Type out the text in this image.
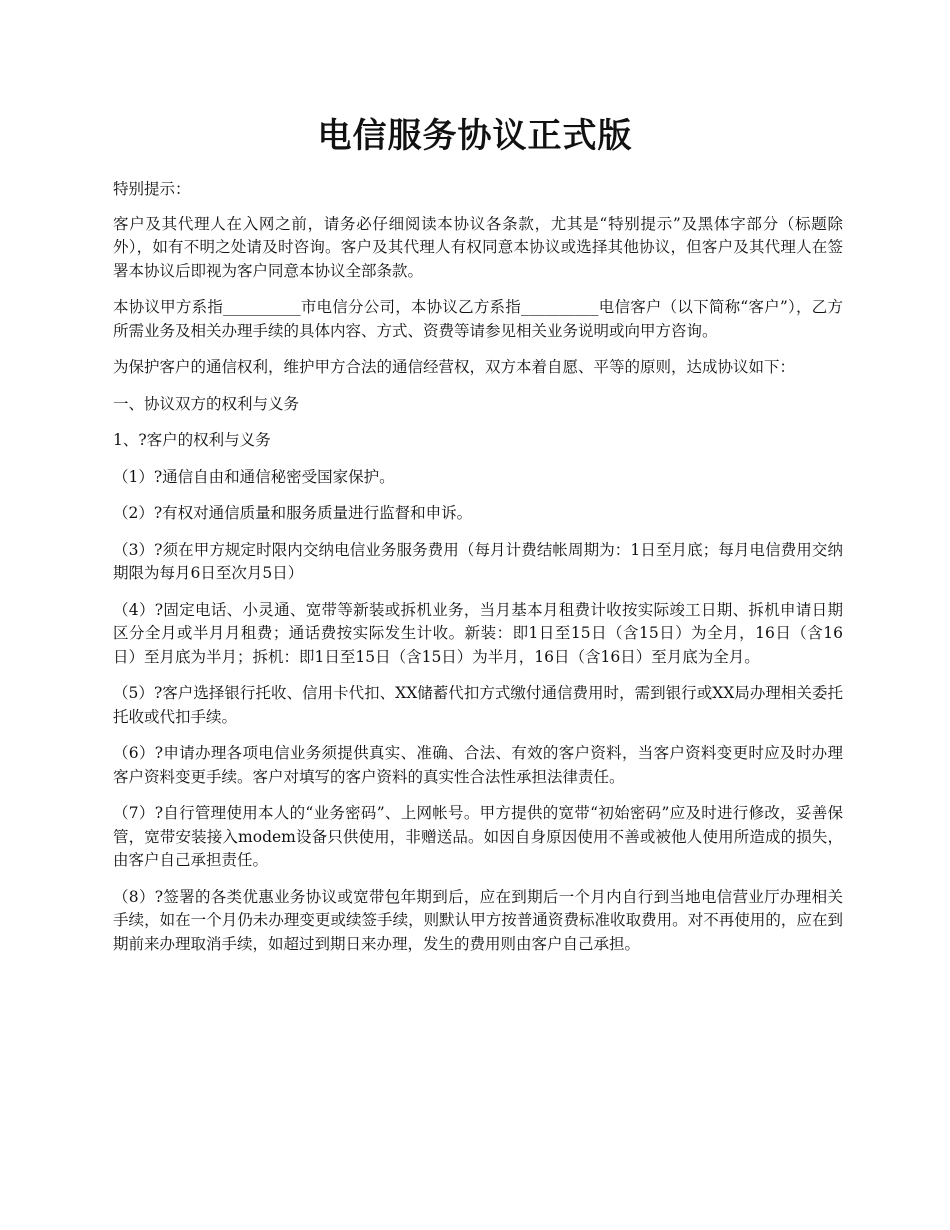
电信服务协议正式版

特别提示：

客户及其代理人在入网之前，请务必仔细阅读本协议各条款，尤其是“特别提示”及黑体字部分（标题除外），如有不明之处请及时咨询。客户及其代理人有权同意本协议或选择其他协议，但客户及其代理人在签署本协议后即视为客户同意本协议全部条款。

本协议甲方系指__________市电信分公司，本协议乙方系指__________电信客户（以下简称“客户”），乙方所需业务及相关办理手续的具体内容、方式、资费等请参见相关业务说明或向甲方咨询。

为保护客户的通信权利，维护甲方合法的通信经营权，双方本着自愿、平等的原则，达成协议如下：

一、协议双方的权利与义务

1、?客户的权利与义务

（1）?通信自由和通信秘密受国家保护。

（2）?有权对通信质量和服务质量进行监督和申诉。

（3）?须在甲方规定时限内交纳电信业务服务费用（每月计费结帐周期为：1日至月底；每月电信费用交纳期限为每月6日至次月5日）

（4）?固定电话、小灵通、宽带等新装或拆机业务，当月基本月租费计收按实际竣工日期、拆机申请日期区分全月或半月月租费；通话费按实际发生计收。新装：即1日至15日（含15日）为全月，16日（含16日）至月底为半月；拆机：即1日至15日（含15日）为半月，16日（含16日）至月底为全月。

（5）?客户选择银行托收、信用卡代扣、XX储蓄代扣方式缴付通信费用时，需到银行或XX局办理相关委托托收或代扣手续。

（6）?申请办理各项电信业务须提供真实、准确、合法、有效的客户资料，当客户资料变更时应及时办理客户资料变更手续。客户对填写的客户资料的真实性合法性承担法律责任。

（7）?自行管理使用本人的“业务密码”、上网帐号。甲方提供的宽带“初始密码”应及时进行修改，妥善保管，宽带安装接入modem设备只供使用，非赠送品。如因自身原因使用不善或被他人使用所造成的损失，由客户自己承担责任。

（8）?签署的各类优惠业务协议或宽带包年期到后，应在到期后一个月内自行到当地电信营业厅办理相关手续，如在一个月仍未办理变更或续签手续，则默认甲方按普通资费标准收取费用。对不再使用的，应在到期前来办理取消手续，如超过到期日来办理，发生的费用则由客户自己承担。
